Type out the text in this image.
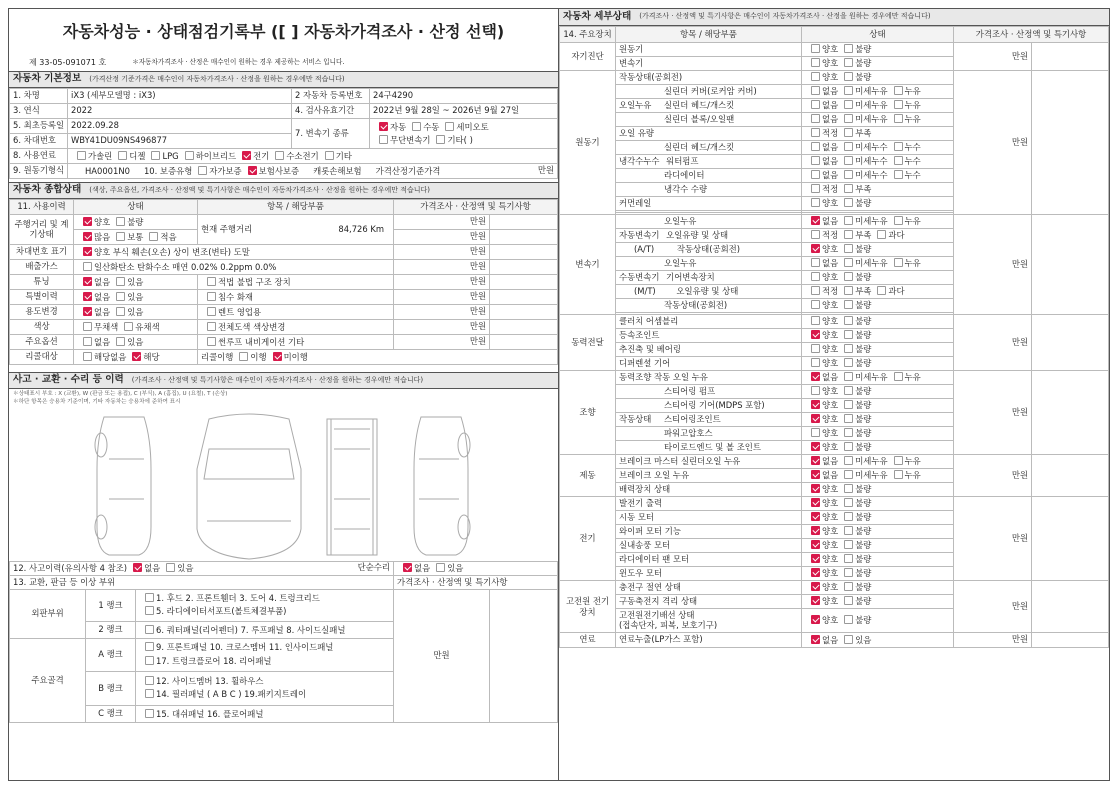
자동차성능 · 상태점검기록부 ([ ] 자동차가격조사 · 산정 선택)
제 33-05-091071 호	＊자동차가격조사 · 산정은 매수인이 원하는 경우 제공하는 서비스 입니다.
자동차 기본정보 (가격산정 기준가격은 매수인이 자동차가격조사 · 산정을 원하는 경우에만 적습니다)
1. 차명	iX3 (세부모델명 : iX3)	2 자동차 등록번호	24구4290
3. 연식	2022	4. 검사유효기간	2022년 9월 28일 ~ 2026년 9월 27일
5. 최초등록일	2022.09.28	7. 변속기 종류	자동 수동 세미오토
무단변속기 기타( )
6. 차대번호	WBY41DU09NS496877		
8. 사용연료	가솔린 디젤 LPG 하이브리드 전기 수소전기 기타		
9. 원동기형식	HA0001N0 10. 보증유형 자가보증 보험사보증 캐롯손해보험 가격산정기준가격 만원		
자동차 종합상태 (색상, 주요옵션, 가격조사 · 산정액 및 특기사항은 매수인이 자동차가격조사 · 산정을 원하는 경우에만 적습니다)
11. 사용이력	상태	항목 / 해당부품	가격조사 · 산정액 및 특기사항	
주행거리 및 계기상태	양호 불량	현재 주행거리 84,726 Km	만원	
	많음 보통 적음		만원	
차대번호 표기	양호 부식 훼손(오손) 상이 변조(변타) 도말		만원	
배출가스	일산화탄소 탄화수소 매연 0.02% 0.2ppm 0.0%		만원	
튜닝	없음 있음	적법 불법 구조 장치	만원	
특별이력	없음 있음	침수 화재	만원	
용도변경	없음 있음	렌트 영업용	만원	
색상	무채색 유채색	전체도색 색상변경	만원	
주요옵션	없음 있음	썬루프 내비게이션 기타	만원	
리콜대상	해당없음 해당	리콜이행 이행 미이행		
사고 · 교환 · 수리 등 이력 (가격조사 · 산정액 및 특기사항은 매수인이 자동차가격조사 · 산정을 원하는 경우에만 적습니다)
＊상태표시 부호 : X (교환), W (판금 또는 용접), C (부식), A (흠집), U (요철), T (손상)
＊하단 항목은 승용차 기준이며, 기타 자동차는 승용차에 준하여 표시
12. 사고이력(유의사항 4 참조) 없음 있음 단순수리			없음 있음	
13. 교환, 판금 등 이상 부위			가격조사 · 산정액 및 특기사항	
외판부위	1 랭크	1. 후드 2. 프론트휀더 3. 도어 4. 트렁크리드
5. 라디에이터서포트(볼트체결부품)	만원	
	2 랭크	6. 쿼터패널(리어펜더) 7. 루프패널 8. 사이드실패널		
주요골격	A 랭크	9. 프론트패널 10. 크로스멤버 11. 인사이드패널
17. 트렁크플로어 18. 리어패널		
	B 랭크	12. 사이드멤버 13. 휠하우스
14. 필러패널 ( A B C ) 19.패키지트레이		
	C 랭크	15. 대쉬패널 16. 플로어패널		
자동차 세부상태 (가격조사 · 산정액 및 특기사항은 매수인이 자동차가격조사 · 산정을 원하는 경우에만 적습니다)
14. 주요장치	항목 / 해당부품	상태	가격조사 · 산정액 및 특기사항	
자기진단	원동기	양호 불량	만원	
	변속기	양호 불량		
원동기	작동상태(공회전)	양호 불량	만원	
	실린더 커버(로커암 커버)	없음 미세누유 누유		
	오일누유 실린더 헤드/개스킷	없음 미세누유 누유		
	실린더 블록/오일팬	없음 미세누유 누유		
	오일 유량	적정 부족		
	실린더 헤드/개스킷	없음 미세누수 누수		
	냉각수누수 워터펌프	없음 미세누수 누수		
	라디에이터	없음 미세누수 누수		
	냉각수 수량	적정 부족		
	커먼레일	양호 불량		

변속기	오일누유	없음 미세누유 누유	만원	
	자동변속기 오일유량 및 상태	적정 부족 과다		
	(A/T) 작동상태(공회전)	양호 불량		
	오일누유	없음 미세누유 누유		
	수동변속기 기어변속장치	양호 불량		
	(M/T) 오일유량 및 상태	적정 부족 과다		
	작동상태(공회전)	양호 불량		

동력전달	클러치 어셈블리	양호 불량	만원	
	등속조인트	양호 불량		
	추진축 및 베어링	양호 불량		
	디퍼렌셜 기어	양호 불량		
조향	동력조향 작동 오일 누유	없음 미세누유 누유	만원	
	스티어링 펌프	양호 불량		
	스티어링 기어(MDPS 포함)	양호 불량		
	작동상태 스티어링조인트	양호 불량		
	파워고압호스	양호 불량		
	타이로드엔드 및 볼 조인트	양호 불량		
제동	브레이크 마스터 실린더오일 누유	없음 미세누유 누유	만원	
	브레이크 오일 누유	없음 미세누유 누유		
	배력장치 상태	양호 불량		
전기	발전기 출력	양호 불량	만원	
	시동 모터	양호 불량		
	와이퍼 모터 기능	양호 불량		
	실내송풍 모터	양호 불량		
	라디에이터 팬 모터	양호 불량		
	윈도우 모터	양호 불량		
고전원 전기장치	충전구 절연 상태	양호 불량	만원	
	구동축전지 격리 상태	양호 불량		
	고전원전기배선 상태
(접속단자, 피복, 보호기구)	양호 불량		
연료	연료누출(LP가스 포함)	없음 있음	만원	
